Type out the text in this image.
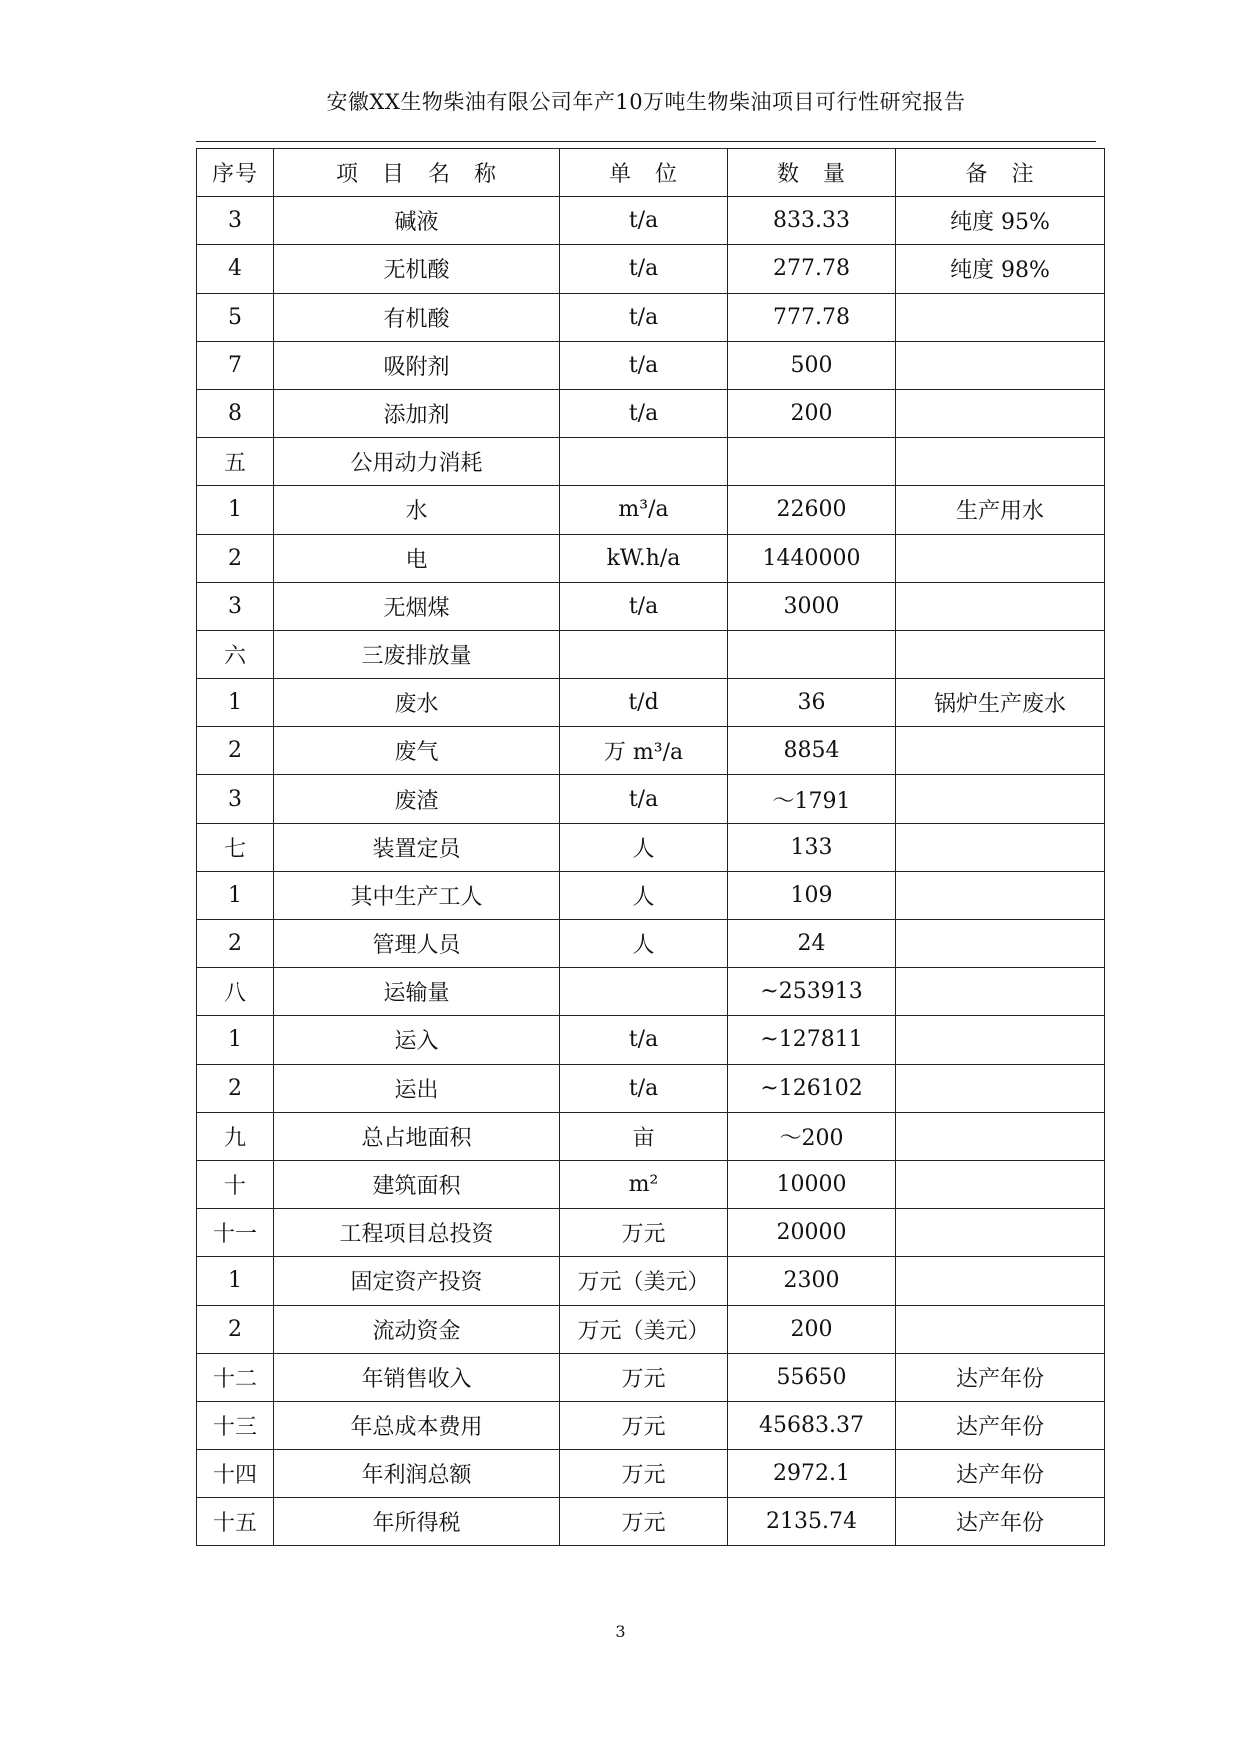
安徽XX生物柴油有限公司年产10万吨生物柴油项目可行性研究报告
序号	项　目　名　称	单　位	数　量	备　注
3	碱液	t/a	833.33	纯度 95%
4	无机酸	t/a	277.78	纯度 98%
5	有机酸	t/a	777.78	
7	吸附剂	t/a	500	
8	添加剂	t/a	200	
五	公用动力消耗			
1	水	m³/a	22600	生产用水
2	电	kW.h/a	1440000	
3	无烟煤	t/a	3000	
六	三废排放量			
1	废水	t/d	36	锅炉生产废水
2	废气	万 m³/a	8854	
3	废渣	t/a	～1791	
七	装置定员	人	133	
1	其中生产工人	人	109	
2	管理人员	人	24	
八	运输量		~253913	
1	运入	t/a	~127811	
2	运出	t/a	~126102	
九	总占地面积	亩	～200	
十	建筑面积	m²	10000	
十一	工程项目总投资	万元	20000	
1	固定资产投资	万元（美元）	2300	
2	流动资金	万元（美元）	200	
十二	年销售收入	万元	55650	达产年份
十三	年总成本费用	万元	45683.37	达产年份
十四	年利润总额	万元	2972.1	达产年份
十五	年所得税	万元	2135.74	达产年份
3
